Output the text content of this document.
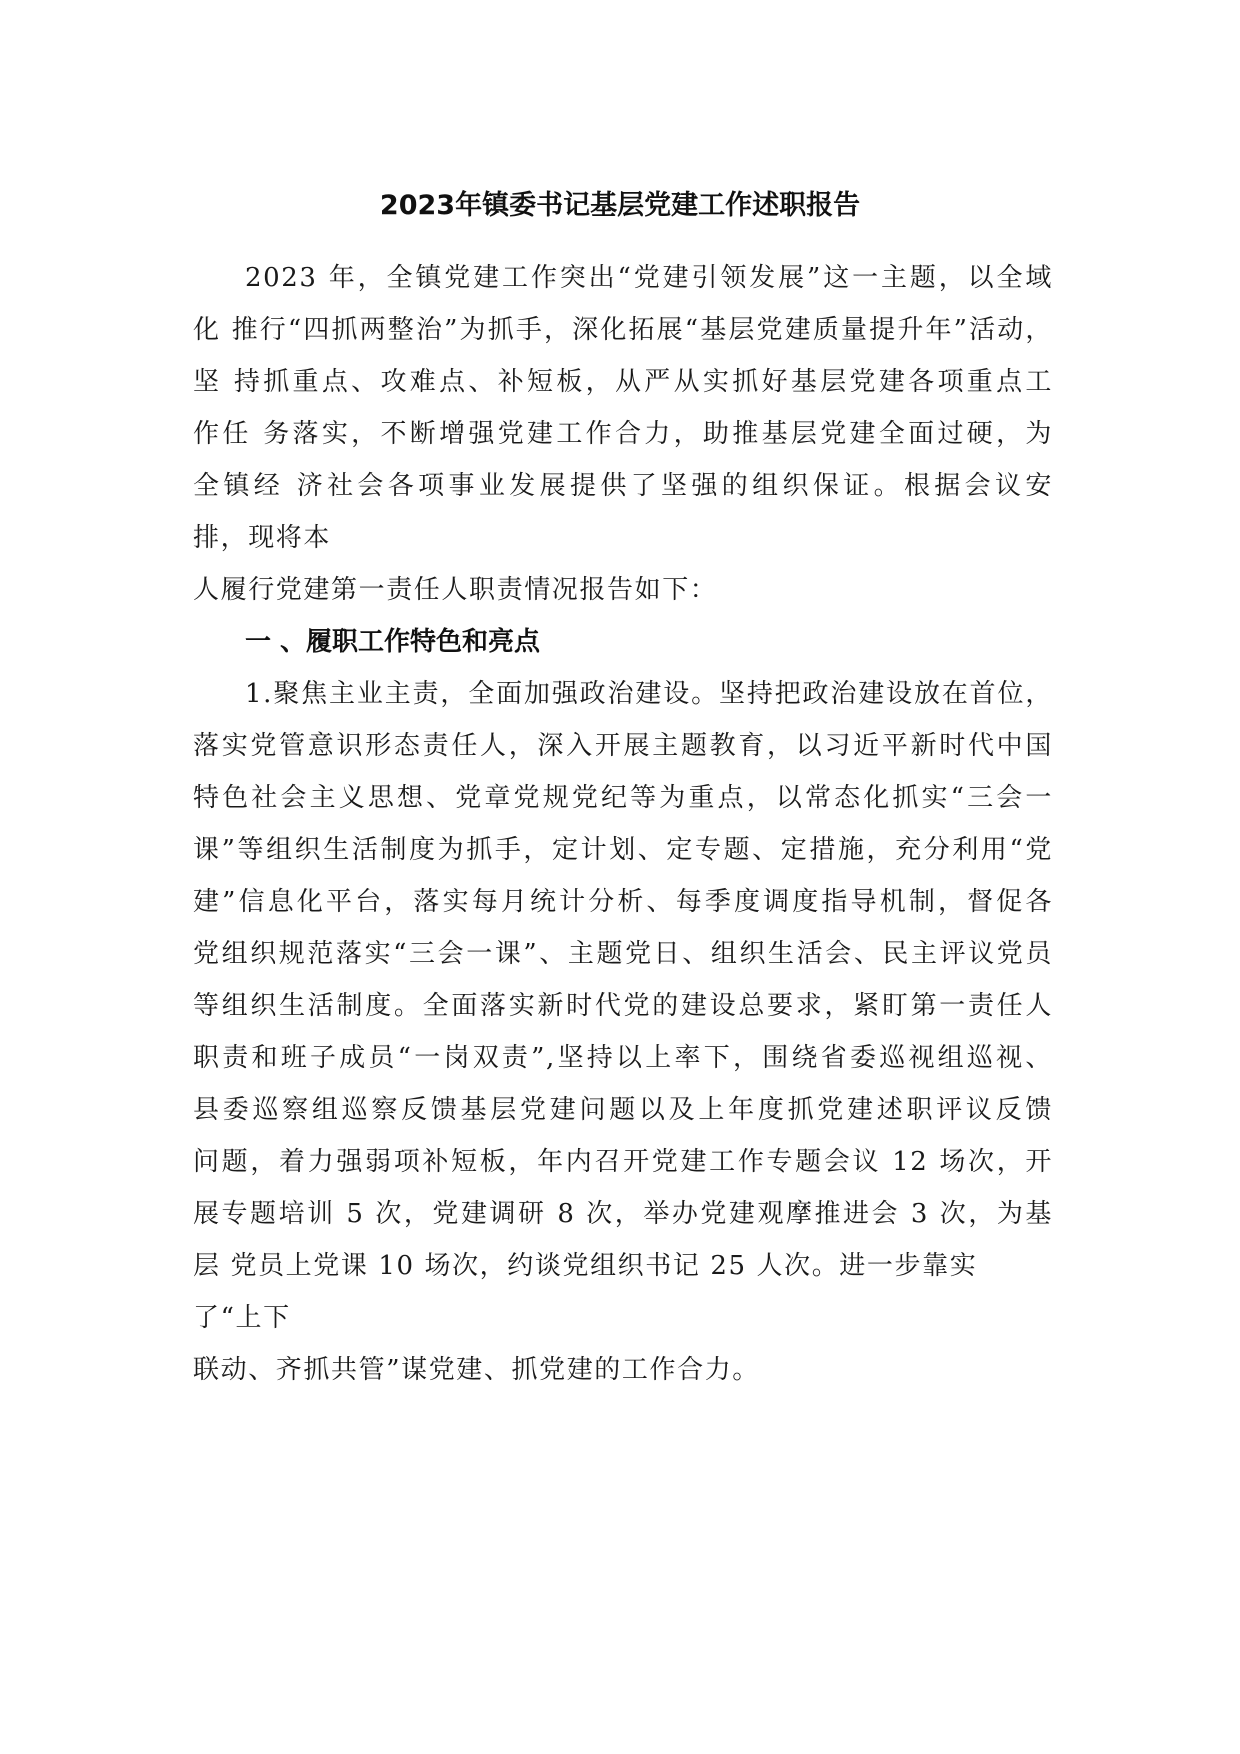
2023年镇委书记基层党建工作述职报告
2023 年，全镇党建工作突出“党建引领发展”这一主题，以全域
化 推行“四抓两整治”为抓手，深化拓展“基层党建质量提升年”活动，
坚 持抓重点、攻难点、补短板，从严从实抓好基层党建各项重点工
作任 务落实，不断增强党建工作合力，助推基层党建全面过硬，为
全镇经 济社会各项事业发展提供了坚强的组织保证。根据会议安
排，现将本
人履行党建第一责任人职责情况报告如下：
一 、履职工作特色和亮点
1.聚焦主业主责，全面加强政治建设。坚持把政治建设放在首位，
落实党管意识形态责任人，深入开展主题教育，以习近平新时代中国
特色社会主义思想、党章党规党纪等为重点，以常态化抓实“三会一
课”等组织生活制度为抓手，定计划、定专题、定措施，充分利用“党
建”信息化平台，落实每月统计分析、每季度调度指导机制，督促各
党组织规范落实“三会一课”、主题党日、组织生活会、民主评议党员
等组织生活制度。全面落实新时代党的建设总要求，紧盯第一责任人
职责和班子成员“一岗双责”,坚持以上率下，围绕省委巡视组巡视、
县委巡察组巡察反馈基层党建问题以及上年度抓党建述职评议反馈
问题，着力强弱项补短板，年内召开党建工作专题会议 12 场次，开
展专题培训 5 次，党建调研 8 次，举办党建观摩推进会 3 次，为基
层 党员上党课 10 场次，约谈党组织书记 25 人次。进一步靠实
了“上下
联动、齐抓共管”谋党建、抓党建的工作合力。
